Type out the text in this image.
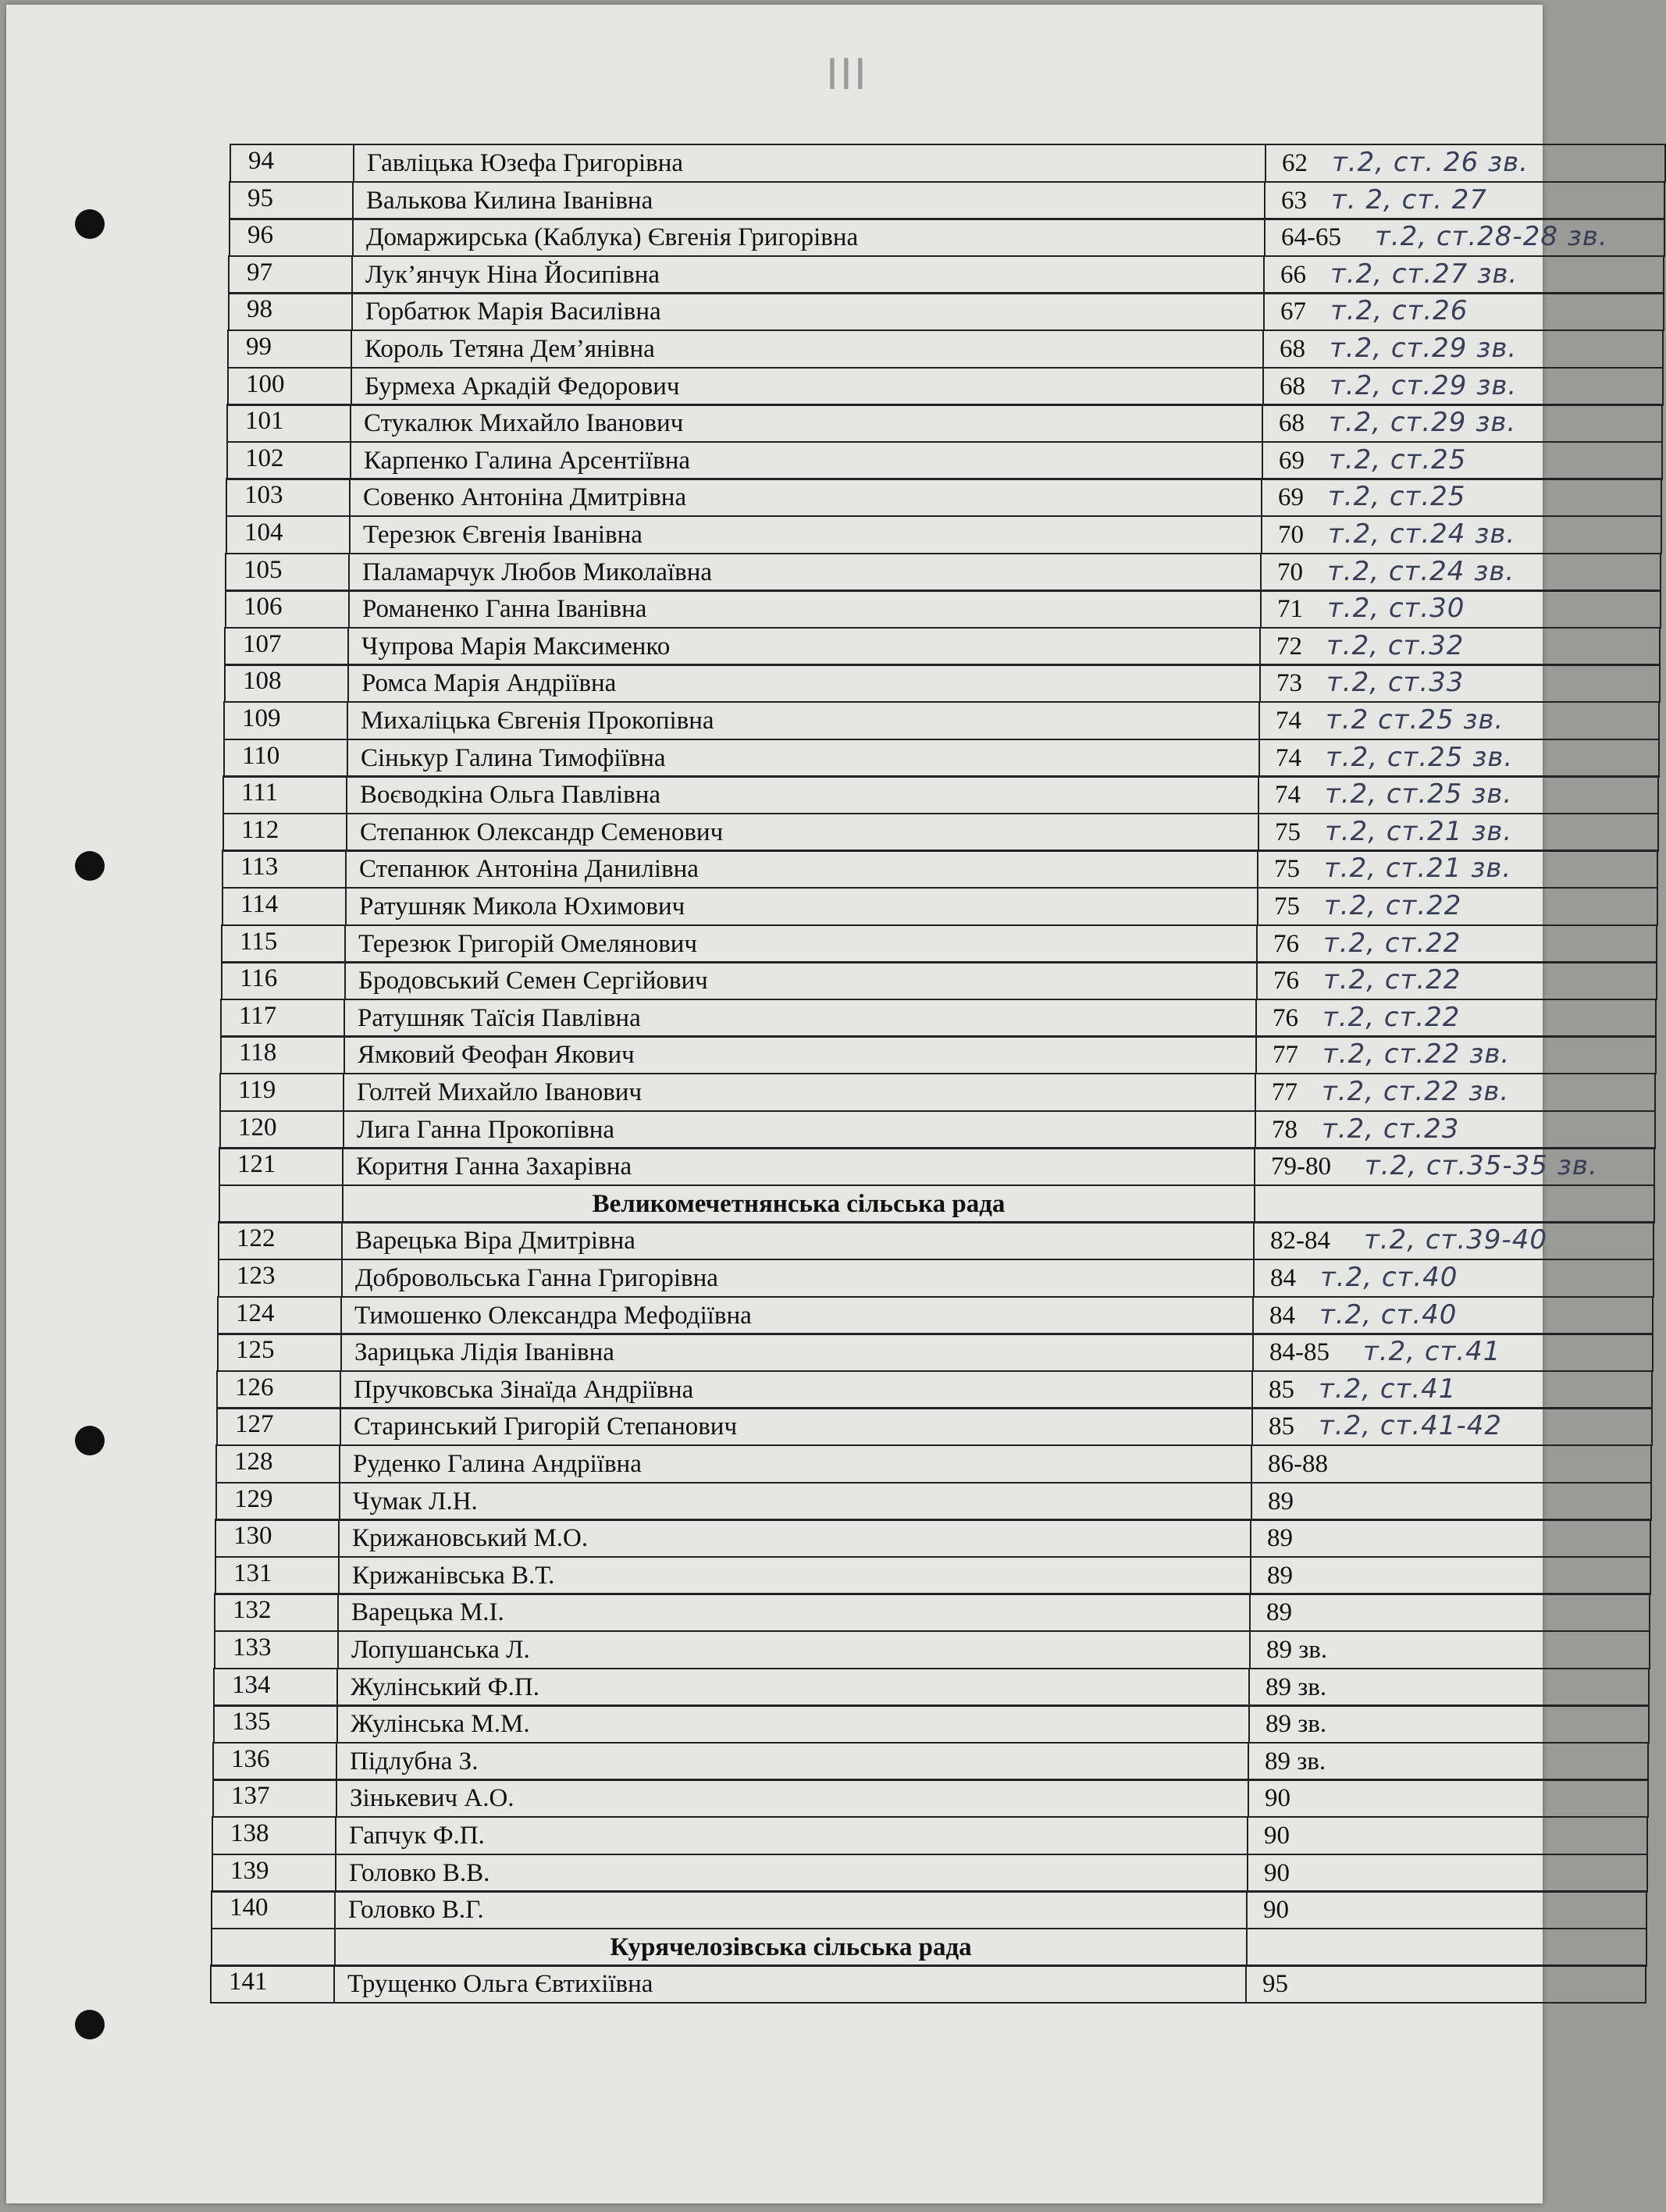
III
94	Гавліцька Юзефа Григорівна	62 т.2, ст. 26 зв.
95	Валькова Килина Іванівна	63 т. 2, ст. 27
96	Домаржирська (Каблука) Євгенія Григорівна	64-65 т.2, ст.28-28 зв.
97	Лук’янчук Ніна Йосипівна	66 т.2, ст.27 зв.
98	Горбатюк Марія Василівна	67 т.2, ст.26
99	Король Тетяна Дем’янівна	68 т.2, ст.29 зв.
100	Бурмеха Аркадій Федорович	68 т.2, ст.29 зв.
101	Стукалюк Михайло Іванович	68 т.2, ст.29 зв.
102	Карпенко Галина Арсентіївна	69 т.2, ст.25
103	Совенко Антоніна Дмитрівна	69 т.2, ст.25
104	Терезюк Євгенія Іванівна	70 т.2, ст.24 зв.
105	Паламарчук Любов Миколаївна	70 т.2, ст.24 зв.
106	Романенко Ганна Іванівна	71 т.2, ст.30
107	Чупрова Марія Максименко	72 т.2, ст.32
108	Ромса Марія Андріївна	73 т.2, ст.33
109	Михаліцька Євгенія Прокопівна	74 т.2 ст.25 зв.
110	Сінькур Галина Тимофіївна	74 т.2, ст.25 зв.
111	Воєводкіна Ольга Павлівна	74 т.2, ст.25 зв.
112	Степанюк Олександр Семенович	75 т.2, ст.21 зв.
113	Степанюк Антоніна Данилівна	75 т.2, ст.21 зв.
114	Ратушняк Микола Юхимович	75 т.2, ст.22
115	Терезюк Григорій Омелянович	76 т.2, ст.22
116	Бродовський Семен Сергійович	76 т.2, ст.22
117	Ратушняк Таїсія Павлівна	76 т.2, ст.22
118	Ямковий Феофан Якович	77 т.2, ст.22 зв.
119	Голтей Михайло Іванович	77 т.2, ст.22 зв.
120	Лига Ганна Прокопівна	78 т.2, ст.23
121	Коритня Ганна Захарівна	79-80 т.2, ст.35-35 зв.
Великомечетнянська сільська рада
122	Варецька Віра Дмитрівна	82-84 т.2, ст.39-40
123	Добровольська Ганна Григорівна	84 т.2, ст.40
124	Тимошенко Олександра Мефодіївна	84 т.2, ст.40
125	Зарицька Лідія Іванівна	84-85 т.2, ст.41
126	Пручковська Зінаїда Андріївна	85 т.2, ст.41
127	Старинський Григорій Степанович	85 т.2, ст.41-42
128	Руденко Галина Андріївна	86-88
129	Чумак Л.Н.	89
130	Крижановський М.О.	89
131	Крижанівська В.Т.	89
132	Варецька М.І.	89
133	Лопушанська Л.	89 зв.
134	Жулінський Ф.П.	89 зв.
135	Жулінська М.М.	89 зв.
136	Підлубна З.	89 зв.
137	Зінькевич А.О.	90
138	Гапчук Ф.П.	90
139	Головко В.В.	90
140	Головко В.Г.	90
Курячелозівська сільська рада
141	Трущенко Ольга Євтихіївна	95
